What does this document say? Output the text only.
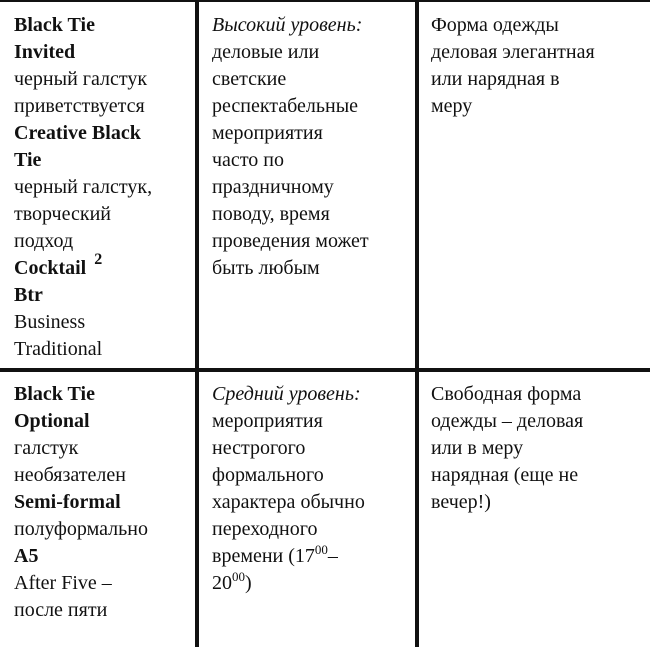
Black Tie
Invited
черный галстук
приветствуется
Creative Black
Tie
черный галстук,
творческий
подход
Cocktail $^2$
Btr
Business
Traditional
Высокий уровень:
деловые или
светские
респектабельные
мероприятия
часто по
праздничному
поводу, время
проведения может
быть любым
Форма одежды
деловая элегантная
или нарядная в
меру
Black Tie
Optional
галстук
необязателен
Semi-formal
полуформально
A5
After Five –
после пяти
Средний уровень:
мероприятия
нестрогого
формального
характера обычно
переходного
времени ($17^{00}-$
$20^{00}$)
Свободная форма
одежды – деловая
или в меру
нарядная (еще не
вечер!)
